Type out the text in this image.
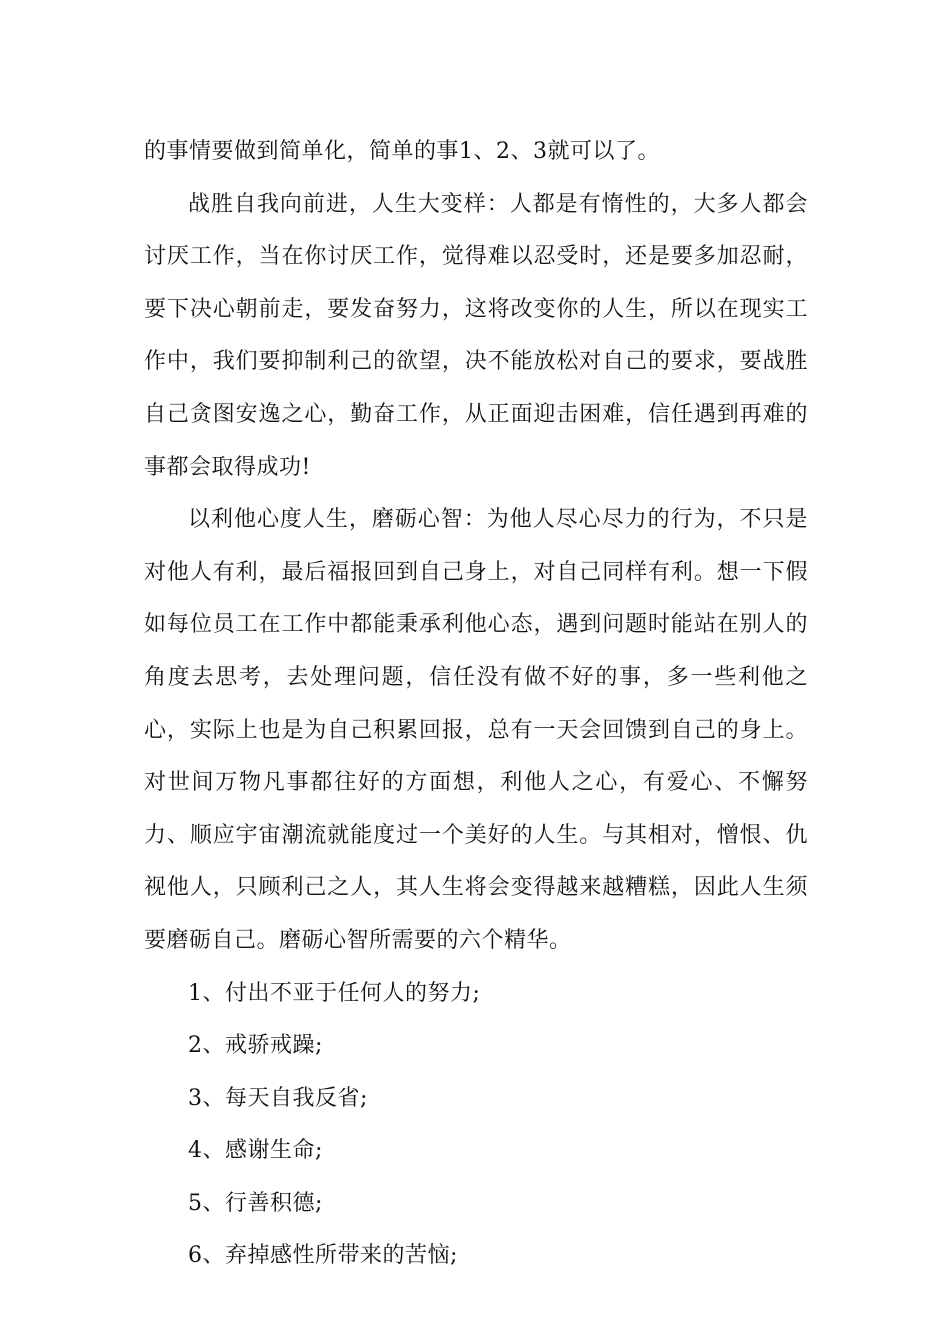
的事情要做到简单化，简单的事1、2、3就可以了。

战胜自我向前进，人生大变样：人都是有惰性的，大多人都会讨厌工作，当在你讨厌工作，觉得难以忍受时，还是要多加忍耐，要下决心朝前走，要发奋努力，这将改变你的人生，所以在现实工作中，我们要抑制利己的欲望，决不能放松对自己的要求，要战胜自己贪图安逸之心，勤奋工作，从正面迎击困难，信任遇到再难的事都会取得成功!

以利他心度人生，磨砺心智：为他人尽心尽力的行为，不只是对他人有利，最后福报回到自己身上，对自己同样有利。想一下假如每位员工在工作中都能秉承利他心态，遇到问题时能站在别人的角度去思考，去处理问题，信任没有做不好的事，多一些利他之心，实际上也是为自己积累回报，总有一天会回馈到自己的身上。对世间万物凡事都往好的方面想，利他人之心，有爱心、不懈努力、顺应宇宙潮流就能度过一个美好的人生。与其相对，憎恨、仇视他人，只顾利己之人，其人生将会变得越来越糟糕，因此人生须要磨砺自己。磨砺心智所需要的六个精华。

1、付出不亚于任何人的努力;

2、戒骄戒躁;

3、每天自我反省;

4、感谢生命;

5、行善积德;

6、弃掉感性所带来的苦恼;
